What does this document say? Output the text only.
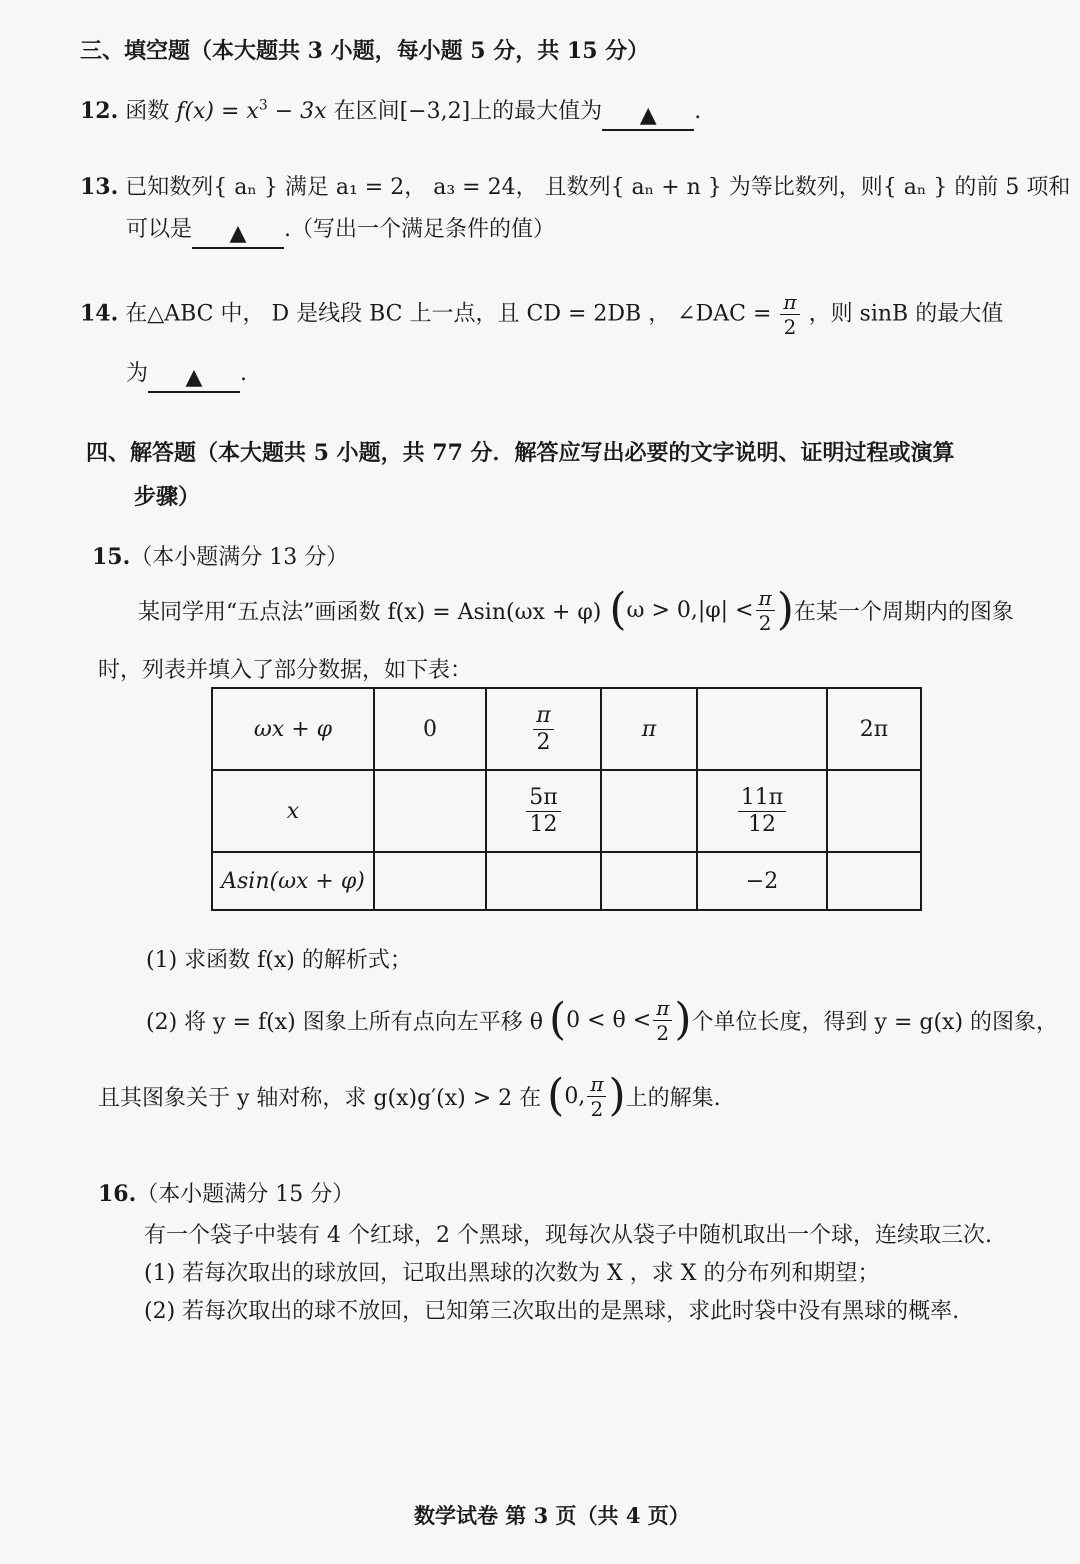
三、填空题（本大题共 3 小题，每小题 5 分，共 15 分）
12. 函数 $f(x) = x^3 - 3x$ 在区间[−3,2]上的最大值为 ▲ .
13. 已知数列{ aₙ } 满足 a₁ = 2， a₃ = 24， 且数列{ aₙ + n } 为等比数列，则{ aₙ } 的前 5 项和
可以是 ▲ .（写出一个满足条件的值）
14. 在△ABC 中， D 是线段 BC 上一点，且 CD = 2DB ， ∠DAC = $\frac{\pi}{2}$ ，则 sinB 的最大值
为 ▲ .
四、解答题（本大题共 5 小题，共 77 分．解答应写出必要的文字说明、证明过程或演算
步骤）
15.（本小题满分 13 分）
某同学用“五点法”画函数 f(x) = Asin(ωx + φ) ( $\omega > 0,|\varphi| < \frac{\pi}{2}$ ) 在某一个周期内的图象
时，列表并填入了部分数据，如下表：
ωx + φ	0	$\frac{\pi}{2}$	π		2π
x		$\frac{5\pi}{12}$		$\frac{11\pi}{12}$

Asin(ωx + φ)				−2	
(1) 求函数 f(x) 的解析式；
(2) 将 y = f(x) 图象上所有点向左平移 θ ( $0 < \theta < \frac{\pi}{2}$ ) 个单位长度，得到 y = g(x) 的图象，
且其图象关于 y 轴对称，求 g(x)g′(x) > 2 在 ( 0, $\frac{\pi}{2}$ ) 上的解集.
16.（本小题满分 15 分）
有一个袋子中装有 4 个红球，2 个黑球，现每次从袋子中随机取出一个球，连续取三次.
(1) 若每次取出的球放回，记取出黑球的次数为 X ，求 X 的分布列和期望；
(2) 若每次取出的球不放回，已知第三次取出的是黑球，求此时袋中没有黑球的概率.
数学试卷 第 3 页（共 4 页）
